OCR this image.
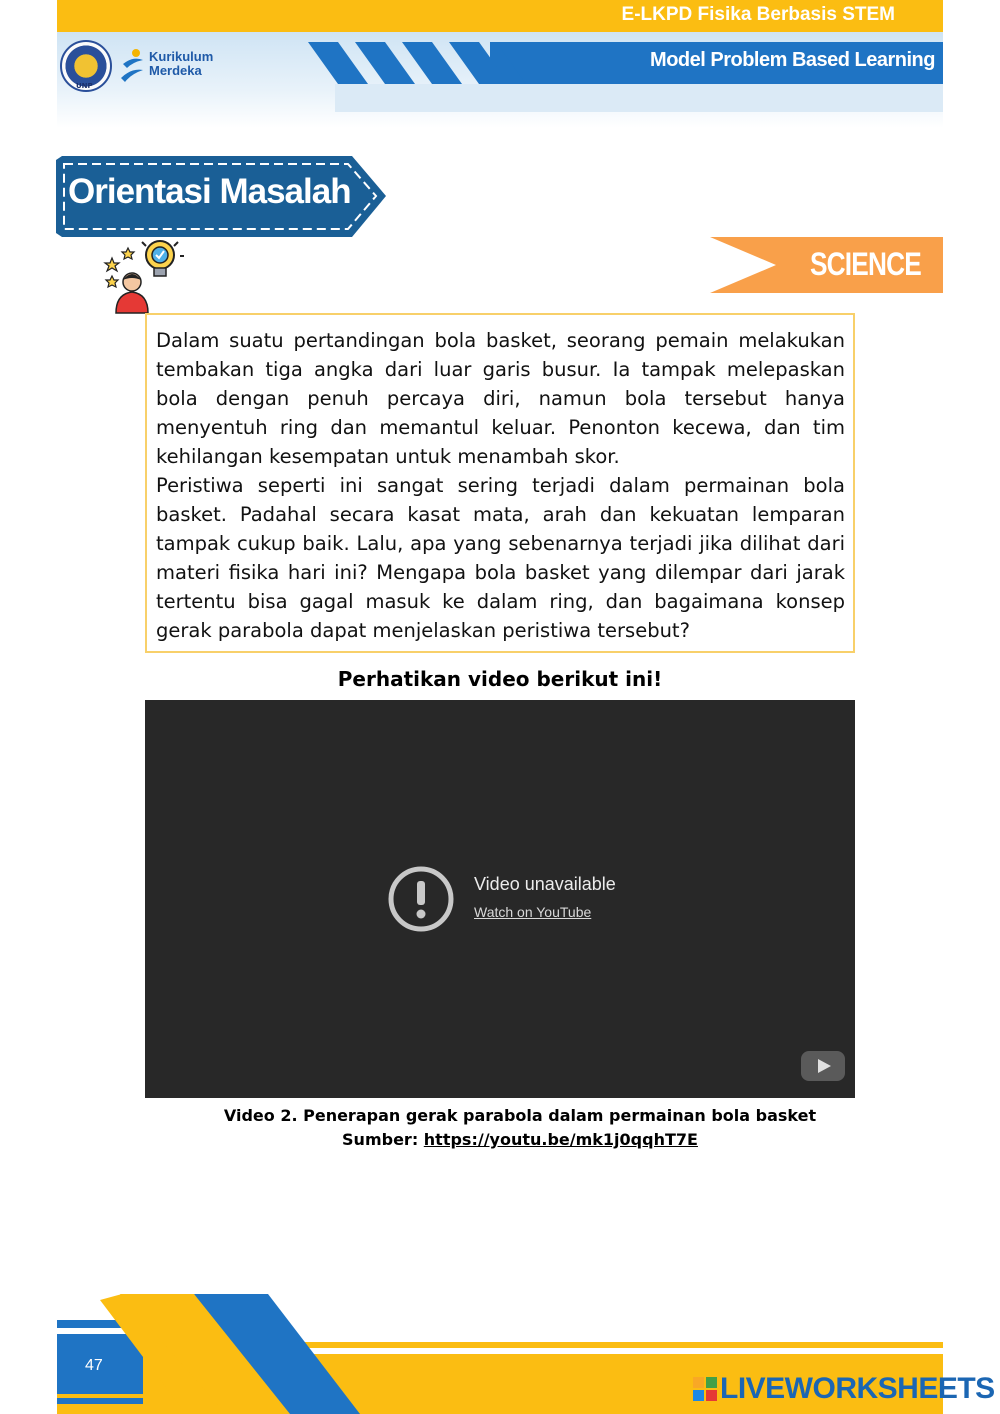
E-LKPD Fisika Berbasis STEM
Model Problem Based Learning
UNP
Kurikulum
Merdeka
Orientasi Masalah
SCIENCE

Dalam suatu pertandingan bola basket, seorang pemain melakukan tembakan tiga angka dari luar garis busur. Ia tampak melepaskan bola dengan penuh percaya diri, namun bola tersebut hanya menyentuh ring dan memantul keluar. Penonton kecewa, dan tim kehilangan kesempatan untuk menambah skor.

Peristiwa seperti ini sangat sering terjadi dalam permainan bola basket. Padahal secara kasat mata, arah dan kekuatan lemparan tampak cukup baik. Lalu, apa yang sebenarnya terjadi jika dilihat dari materi fisika hari ini? Mengapa bola basket yang dilempar dari jarak tertentu bisa gagal masuk ke dalam ring, dan bagaimana konsep gerak parabola dapat menjelaskan peristiwa tersebut?

Perhatikan video berikut ini!
Video unavailable
Watch on YouTube
Video 2. Penerapan gerak parabola dalam permainan bola basket
Sumber: https://youtu.be/mk1j0qqhT7E
47
LIVEWORKSHEETS
